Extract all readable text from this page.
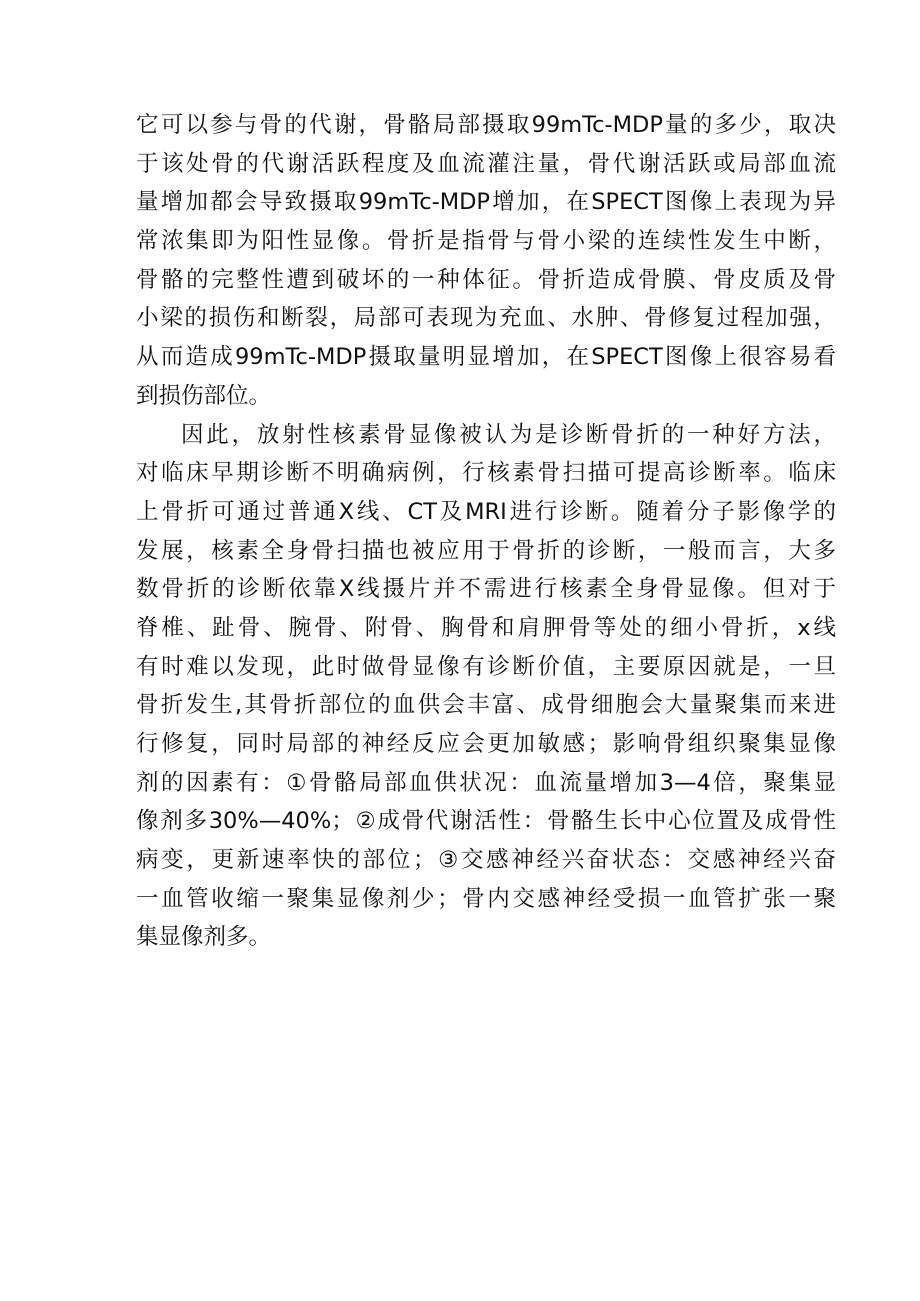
它可以参与骨的代谢，骨骼局部摄取99mTc-MDP量的多少，取决
于该处骨的代谢活跃程度及血流灌注量，骨代谢活跃或局部血流
量增加都会导致摄取99mTc-MDP增加，在SPECT图像上表现为异
常浓集即为阳性显像。骨折是指骨与骨小梁的连续性发生中断，
骨骼的完整性遭到破坏的一种体征。骨折造成骨膜、骨皮质及骨
小梁的损伤和断裂，局部可表现为充血、水肿、骨修复过程加强，
从而造成99mTc-MDP摄取量明显增加，在SPECT图像上很容易看
到损伤部位。
因此，放射性核素骨显像被认为是诊断骨折的一种好方法，
对临床早期诊断不明确病例，行核素骨扫描可提高诊断率。临床
上骨折可通过普通X线、CT及MRI进行诊断。随着分子影像学的
发展，核素全身骨扫描也被应用于骨折的诊断，一般而言，大多
数骨折的诊断依靠X线摄片并不需进行核素全身骨显像。但对于
脊椎、趾骨、腕骨、附骨、胸骨和肩胛骨等处的细小骨折，x线
有时难以发现，此时做骨显像有诊断价值，主要原因就是，一旦
骨折发生,其骨折部位的血供会丰富、成骨细胞会大量聚集而来进
行修复，同时局部的神经反应会更加敏感；影响骨组织聚集显像
剂的因素有：①骨骼局部血供状况：血流量增加3—4倍，聚集显
像剂多30%—40%；②成骨代谢活性：骨骼生长中心位置及成骨性
病变，更新速率快的部位；③交感神经兴奋状态：交感神经兴奋
一血管收缩一聚集显像剂少；骨内交感神经受损一血管扩张一聚
集显像剂多。
